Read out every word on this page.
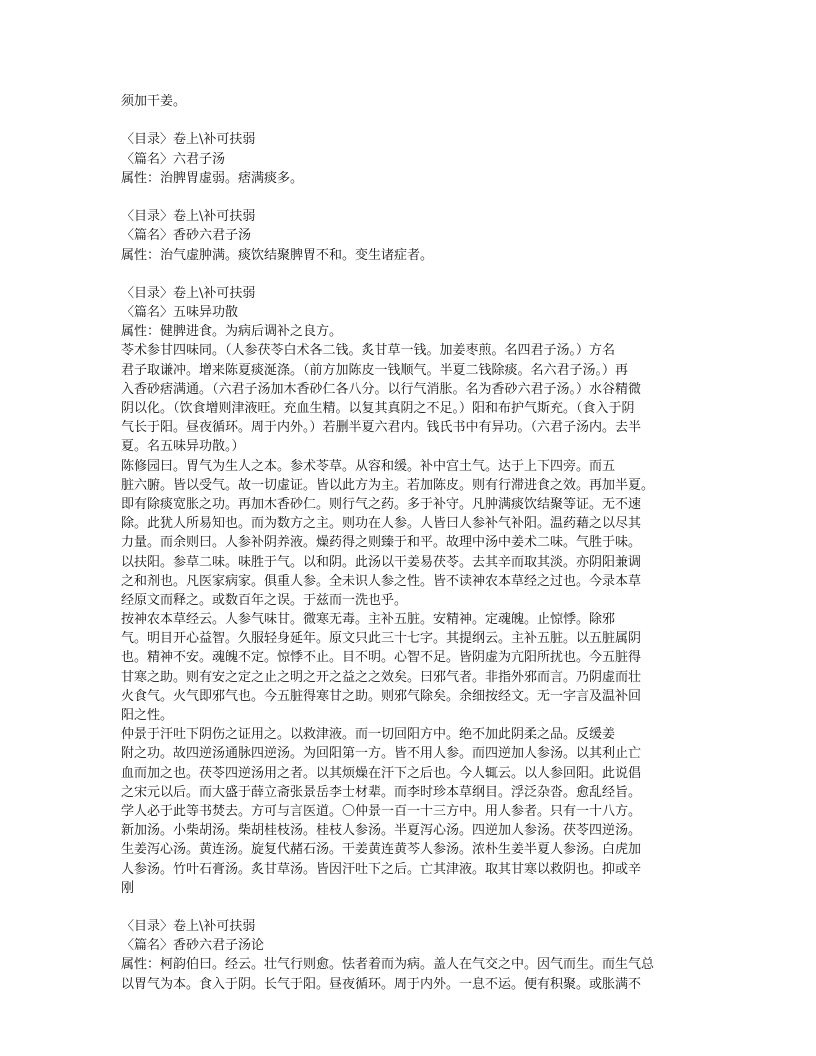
须加干姜。
〈目录〉卷上\补可扶弱
〈篇名〉六君子汤
属性：治脾胃虚弱。痞满痰多。
〈目录〉卷上\补可扶弱
〈篇名〉香砂六君子汤
属性：治气虚肿满。痰饮结聚脾胃不和。变生诸症者。
〈目录〉卷上\补可扶弱
〈篇名〉五味异功散
属性：健脾进食。为病后调补之良方。
苓术参甘四味同。（人参茯苓白术各二钱。炙甘草一钱。加姜枣煎。名四君子汤。）方名
君子取谦冲。增来陈夏痰涎涤。（前方加陈皮一钱顺气。半夏二钱除痰。名六君子汤。）再
入香砂痞满通。（六君子汤加木香砂仁各八分。以行气消胀。名为香砂六君子汤。）水谷精微
阴以化。（饮食增则津液旺。充血生精。以复其真阴之不足。）阳和布护气斯充。（食入于阴
气长于阳。昼夜循环。周于内外。）若删半夏六君内。钱氏书中有异功。（六君子汤内。去半
夏。名五味异功散。）
陈修园曰。胃气为生人之本。参术苓草。从容和缓。补中宫土气。达于上下四旁。而五
脏六腑。皆以受气。故一切虚证。皆以此方为主。若加陈皮。则有行滞进食之效。再加半夏。
即有除痰宽胀之功。再加木香砂仁。则行气之药。多于补守。凡肿满痰饮结聚等证。无不速
除。此犹人所易知也。而为数方之主。则功在人参。人皆曰人参补气补阳。温药藉之以尽其
力量。而余则曰。人参补阴养液。燥药得之则臻于和平。故理中汤中姜术二味。气胜于味。
以扶阳。参草二味。味胜于气。以和阴。此汤以干姜易茯苓。去其辛而取其淡。亦阴阳兼调
之和剂也。凡医家病家。俱重人参。全未识人参之性。皆不读神农本草经之过也。今录本草
经原文而释之。或数百年之误。于兹而一洗也乎。
按神农本草经云。人参气味甘。微寒无毒。主补五脏。安精神。定魂魄。止惊悸。除邪
气。明目开心益智。久服轻身延年。原文只此三十七字。其提纲云。主补五脏。以五脏属阴
也。精神不安。魂魄不定。惊悸不止。目不明。心智不足。皆阴虚为亢阳所扰也。今五脏得
甘寒之助。则有安之定之止之明之开之益之之效矣。曰邪气者。非指外邪而言。乃阴虚而壮
火食气。火气即邪气也。今五脏得寒甘之助。则邪气除矣。余细按经文。无一字言及温补回
阳之性。
仲景于汗吐下阴伤之证用之。以救津液。而一切回阳方中。绝不加此阴柔之品。反缓姜
附之功。故四逆汤通脉四逆汤。为回阳第一方。皆不用人参。而四逆加人参汤。以其利止亡
血而加之也。茯苓四逆汤用之者。以其烦燥在汗下之后也。今人辄云。以人参回阳。此说倡
之宋元以后。而大盛于薛立斋张景岳李士材辈。而李时珍本草纲目。浮泛杂沓。愈乱经旨。
学人必于此等书焚去。方可与言医道。〇仲景一百一十三方中。用人参者。只有一十八方。
新加汤。小柴胡汤。柴胡桂枝汤。桂枝人参汤。半夏泻心汤。四逆加人参汤。茯苓四逆汤。
生姜泻心汤。黄连汤。旋复代赭石汤。干姜黄连黄芩人参汤。浓朴生姜半夏人参汤。白虎加
人参汤。竹叶石膏汤。炙甘草汤。皆因汗吐下之后。亡其津液。取其甘寒以救阴也。抑或辛
刚
〈目录〉卷上\补可扶弱
〈篇名〉香砂六君子汤论
属性：柯韵伯曰。经云。壮气行则愈。怯者着而为病。盖人在气交之中。因气而生。而生气总
以胃气为本。食入于阴。长气于阳。昼夜循环。周于内外。一息不运。便有积聚。或胀满不
